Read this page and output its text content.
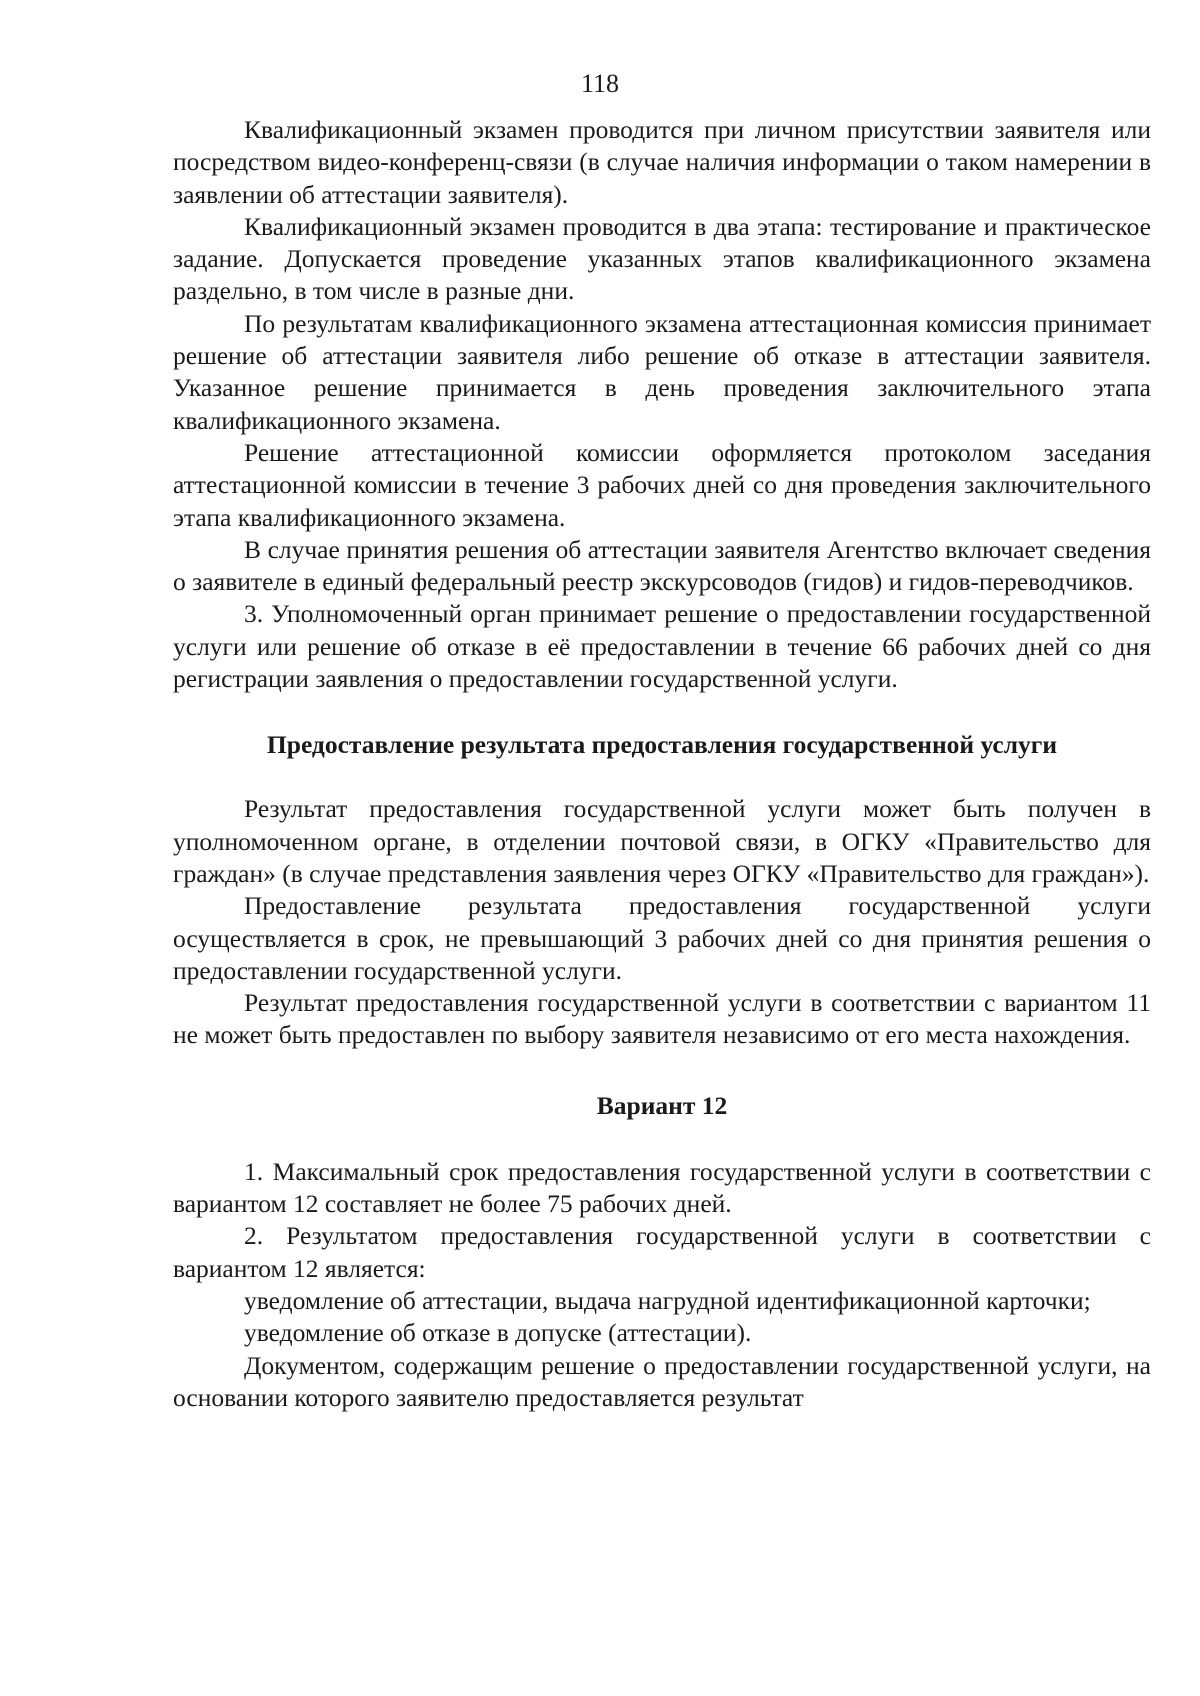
118

Квалификационный экзамен проводится при личном присутствии заявителя или посредством видео-конференц-связи (в случае наличия информации о таком намерении в заявлении об аттестации заявителя).

Квалификационный экзамен проводится в два этапа: тестирование и практическое задание. Допускается проведение указанных этапов квалификационного экзамена раздельно, в том числе в разные дни.

По результатам квалификационного экзамена аттестационная комиссия принимает решение об аттестации заявителя либо решение об отказе в аттестации заявителя. Указанное решение принимается в день проведения заключительного этапа квалификационного экзамена.

Решение аттестационной комиссии оформляется протоколом заседания аттестационной комиссии в течение 3 рабочих дней со дня проведения заключительного этапа квалификационного экзамена.

В случае принятия решения об аттестации заявителя Агентство включает сведения о заявителе в единый федеральный реестр экскурсоводов (гидов) и гидов-переводчиков.

3. Уполномоченный орган принимает решение о предоставлении государственной услуги или решение об отказе в её предоставлении в течение 66 рабочих дней со дня регистрации заявления о предоставлении государственной услуги.

Предоставление результата предоставления государственной услуги

Результат предоставления государственной услуги может быть получен в уполномоченном органе, в отделении почтовой связи, в ОГКУ «Правительство для граждан» (в случае представления заявления через ОГКУ «Правительство для граждан»).

Предоставление результата предоставления государственной услуги осуществляется в срок, не превышающий 3 рабочих дней со дня принятия решения о предоставлении государственной услуги.

Результат предоставления государственной услуги в соответствии с вариантом 11 не может быть предоставлен по выбору заявителя независимо от его места нахождения.

Вариант 12

1. Максимальный срок предоставления государственной услуги в соответствии с вариантом 12 составляет не более 75 рабочих дней.

2. Результатом предоставления государственной услуги в соответствии с вариантом 12 является:

уведомление об аттестации, выдача нагрудной идентификационной карточки;

уведомление об отказе в допуске (аттестации).

Документом, содержащим решение о предоставлении государственной услуги, на основании которого заявителю предоставляется результат
